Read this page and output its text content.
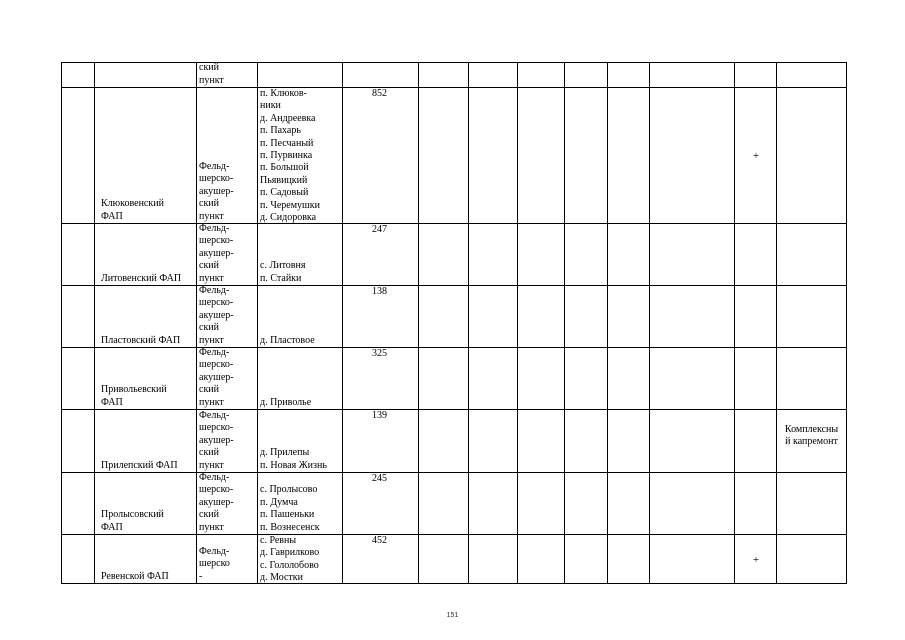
ский
пункт
Клюковенский
ФАП
Фельд-
шерско-
акушер-
ский
пункт
п. Клюков-
ники
д. Андреевка
п. Пахарь
п. Песчаный
п. Пурвинка
п. Большой
Пьявицкий
п. Садовый
п. Черемушки
д. Сидоровка
852
+
Литовенский ФАП
Фельд-
шерско-
акушер-
ский
пункт
с. Литовня
п. Стайки
247
Пластовский ФАП
Фельд-
шерско-
акушер-
ский
пункт	д. Пластовое
138
Привольевский
ФАП
Фельд-
шерско-
акушер-
ский
пункт	д. Приволье
325
Прилепский ФАП
Фельд-
шерско-
акушер-
ский
пункт
д. Прилепы
п. Новая Жизнь
139
Комплексны
й капремонт
Пролысовский
ФАП
Фельд-
шерско-
акушер-
ский
пункт
с. Пролысово
п. Думча
п. Пашеньки
п. Вознесенск
245
Ревенской ФАП
Фельд-
шерско
-
с. Ревны
д. Гаврилково
с. Гололобово
д. Мостки
452
+
151
